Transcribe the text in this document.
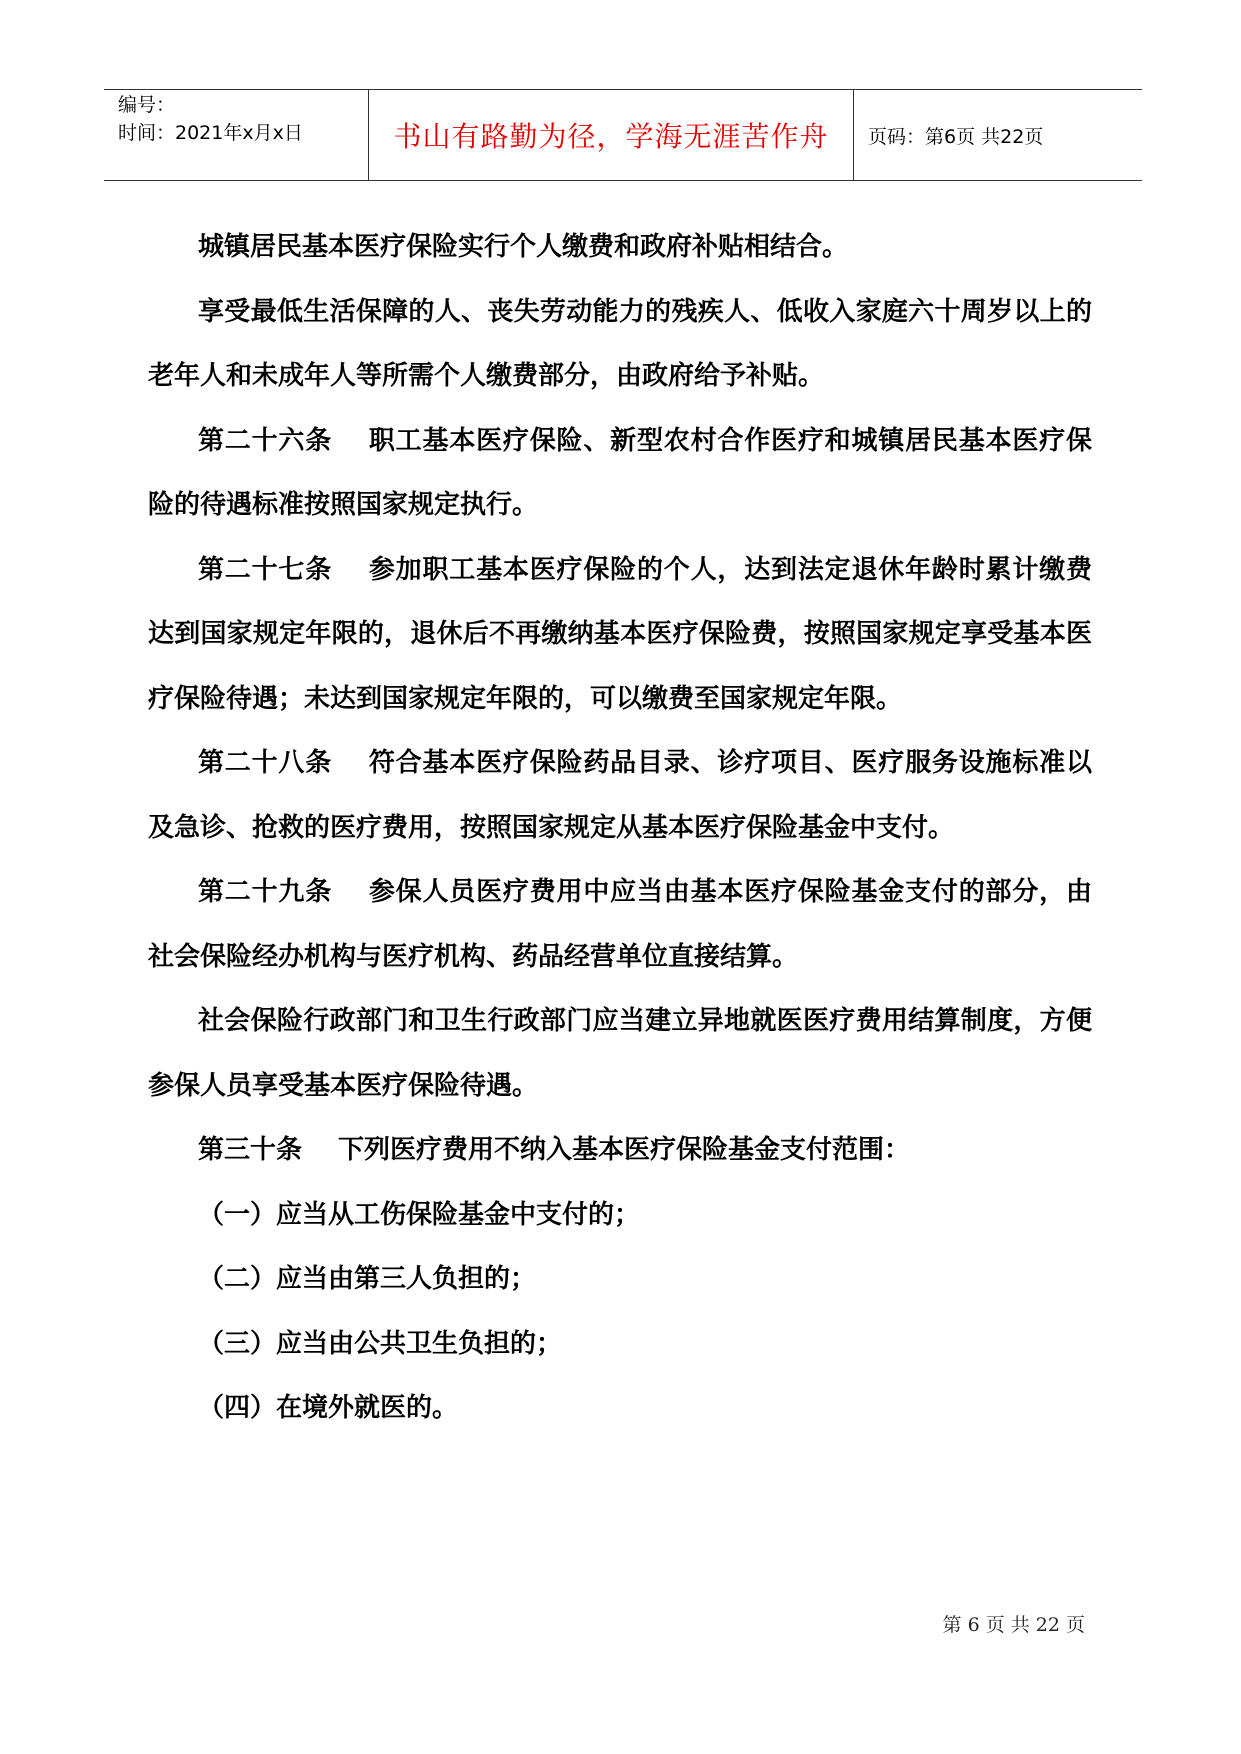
编号：
时间：2021年x月x日	书山有路勤为径，学海无涯苦作舟 页码：第6页 共22页

城镇居民基本医疗保险实行个人缴费和政府补贴相结合。

享受最低生活保障的人、丧失劳动能力的残疾人、低收入家庭六十周岁以上的老年人和未成年人等所需个人缴费部分，由政府给予补贴。

第二十六条 职工基本医疗保险、新型农村合作医疗和城镇居民基本医疗保险的待遇标准按照国家规定执行。

第二十七条 参加职工基本医疗保险的个人，达到法定退休年龄时累计缴费达到国家规定年限的，退休后不再缴纳基本医疗保险费，按照国家规定享受基本医疗保险待遇；未达到国家规定年限的，可以缴费至国家规定年限。

第二十八条 符合基本医疗保险药品目录、诊疗项目、医疗服务设施标准以及急诊、抢救的医疗费用，按照国家规定从基本医疗保险基金中支付。

第二十九条 参保人员医疗费用中应当由基本医疗保险基金支付的部分，由社会保险经办机构与医疗机构、药品经营单位直接结算。

社会保险行政部门和卫生行政部门应当建立异地就医医疗费用结算制度，方便参保人员享受基本医疗保险待遇。

第三十条 下列医疗费用不纳入基本医疗保险基金支付范围：

（一）应当从工伤保险基金中支付的；

（二）应当由第三人负担的；

（三）应当由公共卫生负担的；

（四）在境外就医的。

第 6 页 共 22 页
